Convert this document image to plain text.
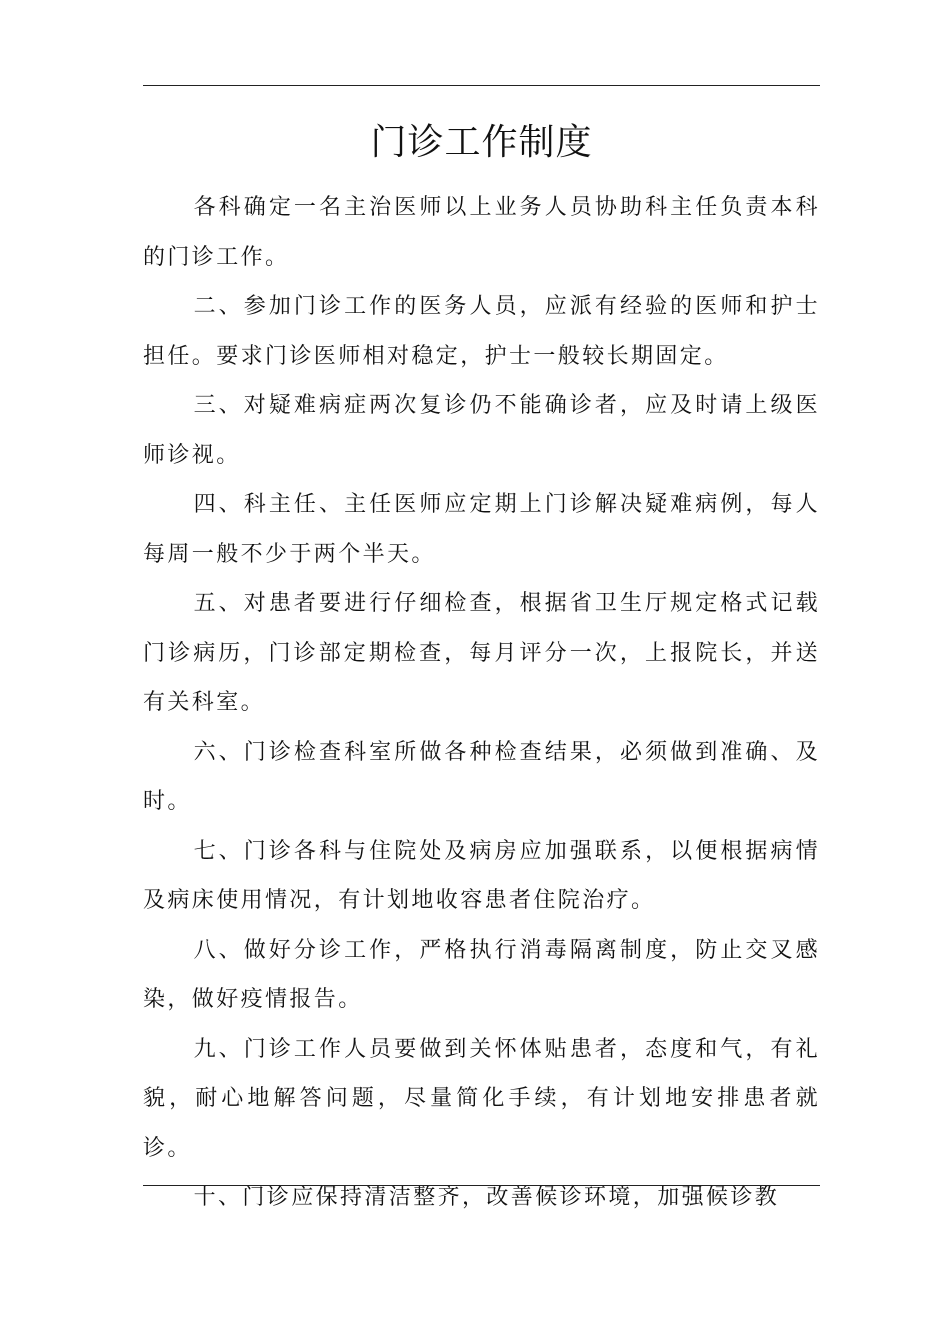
门诊工作制度

各科确定一名主治医师以上业务人员协助科主任负责本科的门诊工作。

二、参加门诊工作的医务人员，应派有经验的医师和护士担任。要求门诊医师相对稳定，护士一般较长期固定。

三、对疑难病症两次复诊仍不能确诊者，应及时请上级医师诊视。

四、科主任、主任医师应定期上门诊解决疑难病例，每人每周一般不少于两个半天。

五、对患者要进行仔细检查，根据省卫生厅规定格式记载门诊病历，门诊部定期检查，每月评分一次，上报院长，并送有关科室。

六、门诊检查科室所做各种检查结果，必须做到准确、及时。

七、门诊各科与住院处及病房应加强联系，以便根据病情及病床使用情况，有计划地收容患者住院治疗。

八、做好分诊工作，严格执行消毒隔离制度，防止交叉感染，做好疫情报告。

九、门诊工作人员要做到关怀体贴患者，态度和气，有礼貌，耐心地解答问题，尽量简化手续，有计划地安排患者就诊。

十、门诊应保持清洁整齐，改善候诊环境，加强候诊教
